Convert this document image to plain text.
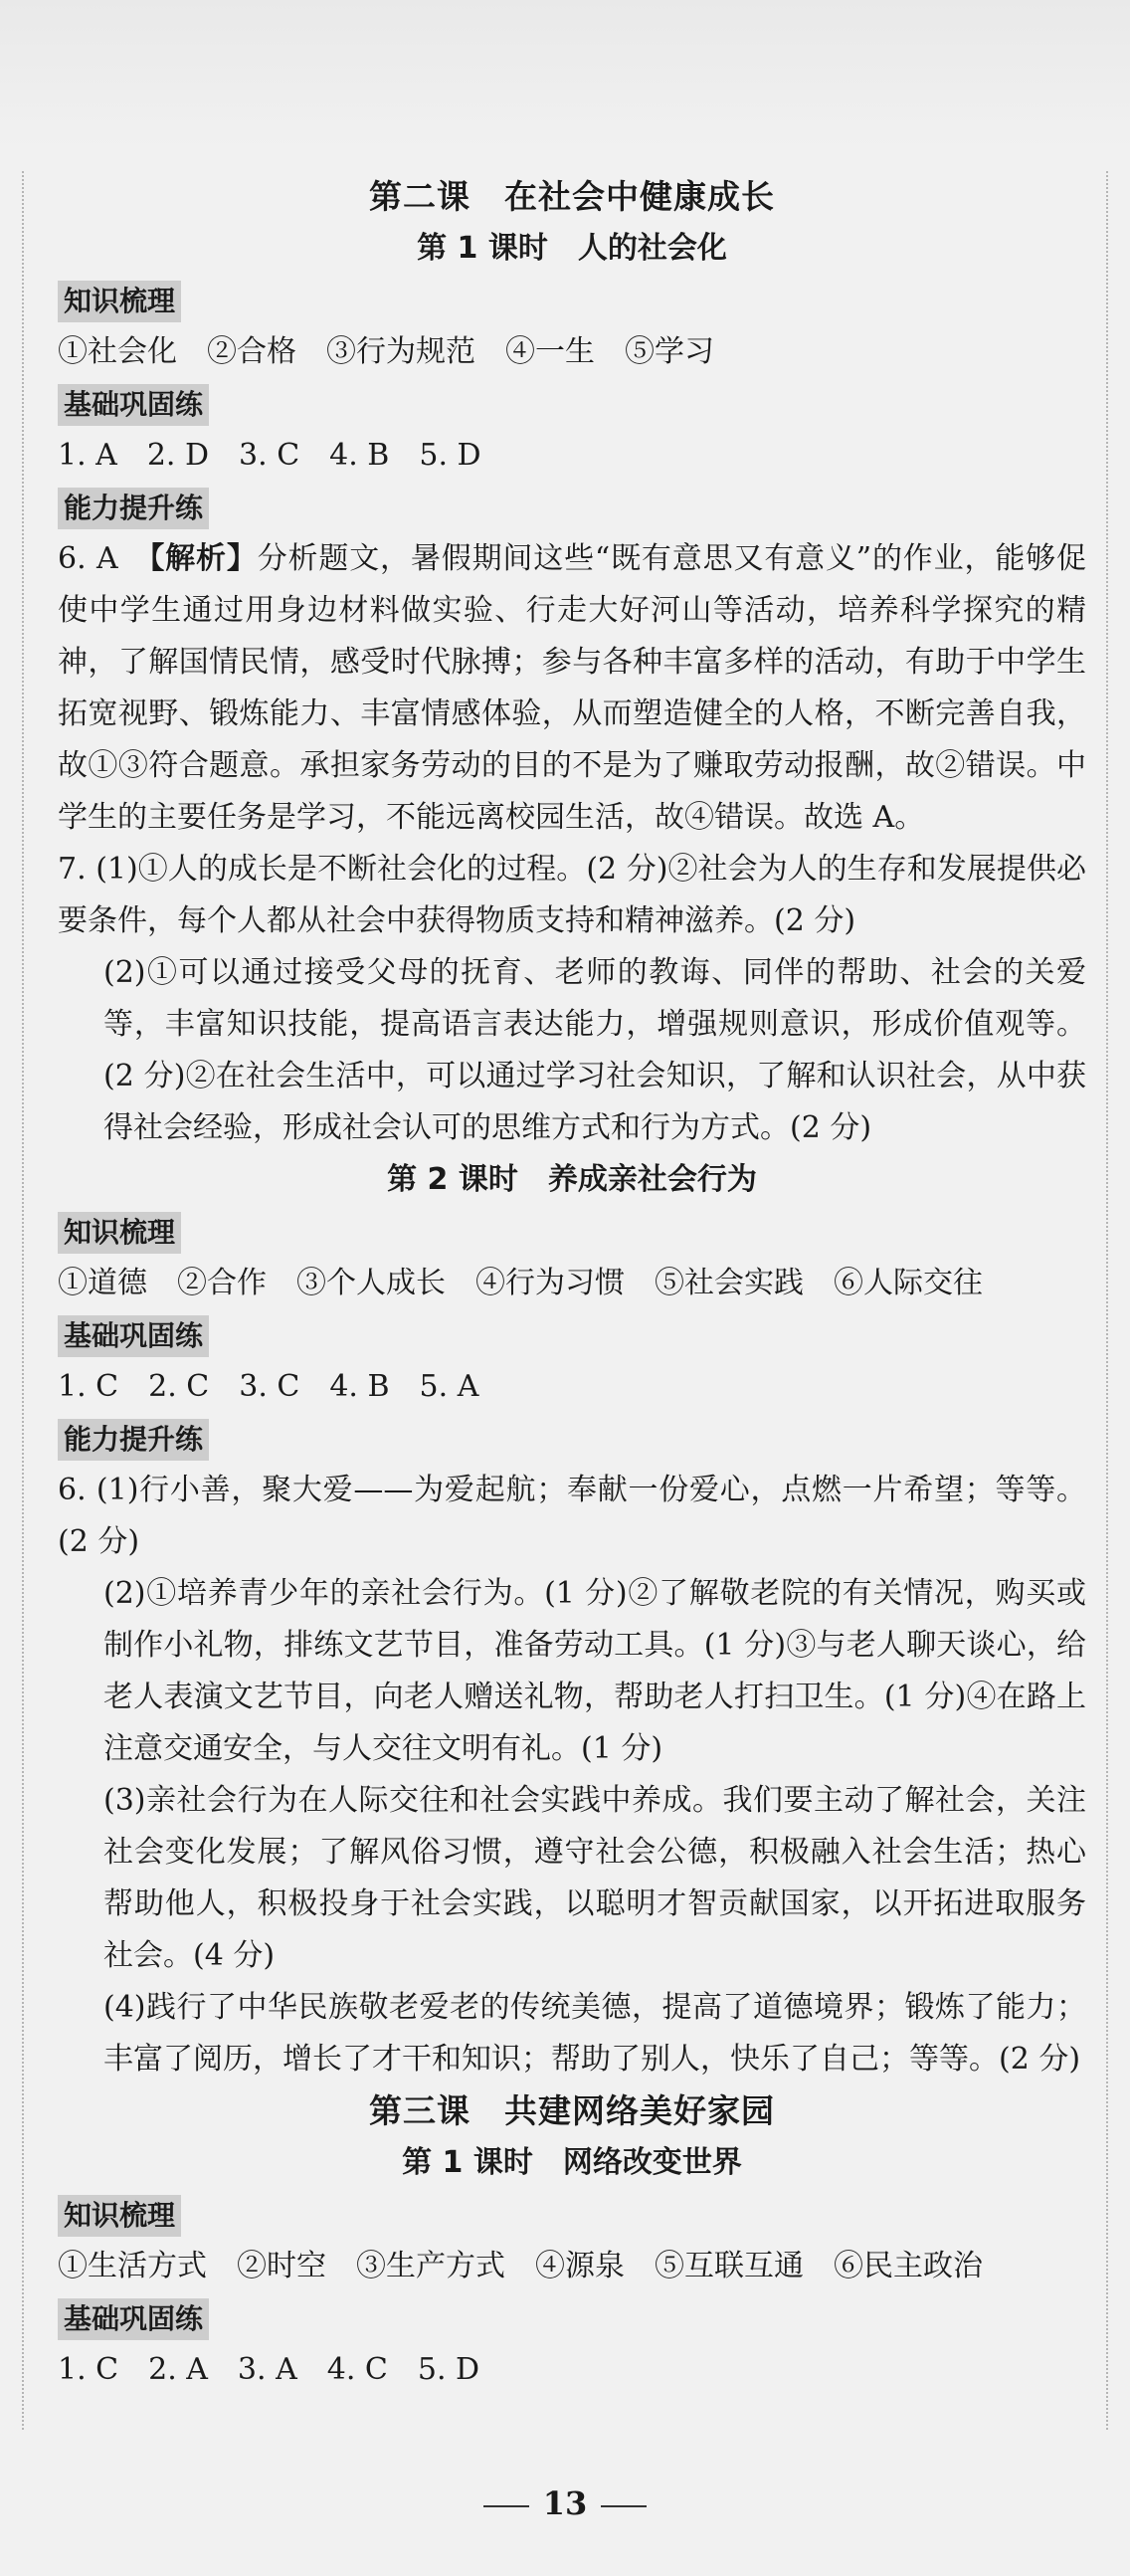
第二课　在社会中健康成长
第 1 课时　人的社会化
知识梳理
①社会化　②合格　③行为规范　④一生　⑤学习
基础巩固练
1. A　2. D　3. C　4. B　5. D
能力提升练
6. A　【解析】分析题文，暑假期间这些“既有意思又有意义”的作业，能够促使中学生通过用身边材料做实验、行走大好河山等活动，培养科学探究的精神，了解国情民情，感受时代脉搏；参与各种丰富多样的活动，有助于中学生拓宽视野、锻炼能力、丰富情感体验，从而塑造健全的人格，不断完善自我，故①③符合题意。承担家务劳动的目的不是为了赚取劳动报酬，故②错误。中学生的主要任务是学习，不能远离校园生活，故④错误。故选 A。
7. (1)①人的成长是不断社会化的过程。(2 分)②社会为人的生存和发展提供必要条件，每个人都从社会中获得物质支持和精神滋养。(2 分)
(2)①可以通过接受父母的抚育、老师的教诲、同伴的帮助、社会的关爱等，丰富知识技能，提高语言表达能力，增强规则意识，形成价值观等。(2 分)②在社会生活中，可以通过学习社会知识，了解和认识社会，从中获得社会经验，形成社会认可的思维方式和行为方式。(2 分)
第 2 课时　养成亲社会行为
知识梳理
①道德　②合作　③个人成长　④行为习惯　⑤社会实践　⑥人际交往
基础巩固练
1. C　2. C　3. C　4. B　5. A
能力提升练
6. (1)行小善，聚大爱——为爱起航；奉献一份爱心，点燃一片希望；等等。(2 分)
(2)①培养青少年的亲社会行为。(1 分)②了解敬老院的有关情况，购买或制作小礼物，排练文艺节目，准备劳动工具。(1 分)③与老人聊天谈心，给老人表演文艺节目，向老人赠送礼物，帮助老人打扫卫生。(1 分)④在路上注意交通安全，与人交往文明有礼。(1 分)
(3)亲社会行为在人际交往和社会实践中养成。我们要主动了解社会，关注社会变化发展；了解风俗习惯，遵守社会公德，积极融入社会生活；热心帮助他人，积极投身于社会实践，以聪明才智贡献国家，以开拓进取服务社会。(4 分)
(4)践行了中华民族敬老爱老的传统美德，提高了道德境界；锻炼了能力；丰富了阅历，增长了才干和知识；帮助了别人，快乐了自己；等等。(2 分)
第三课　共建网络美好家园
第 1 课时　网络改变世界
知识梳理
①生活方式　②时空　③生产方式　④源泉　⑤互联互通　⑥民主政治
基础巩固练
1. C　2. A　3. A　4. C　5. D
13
